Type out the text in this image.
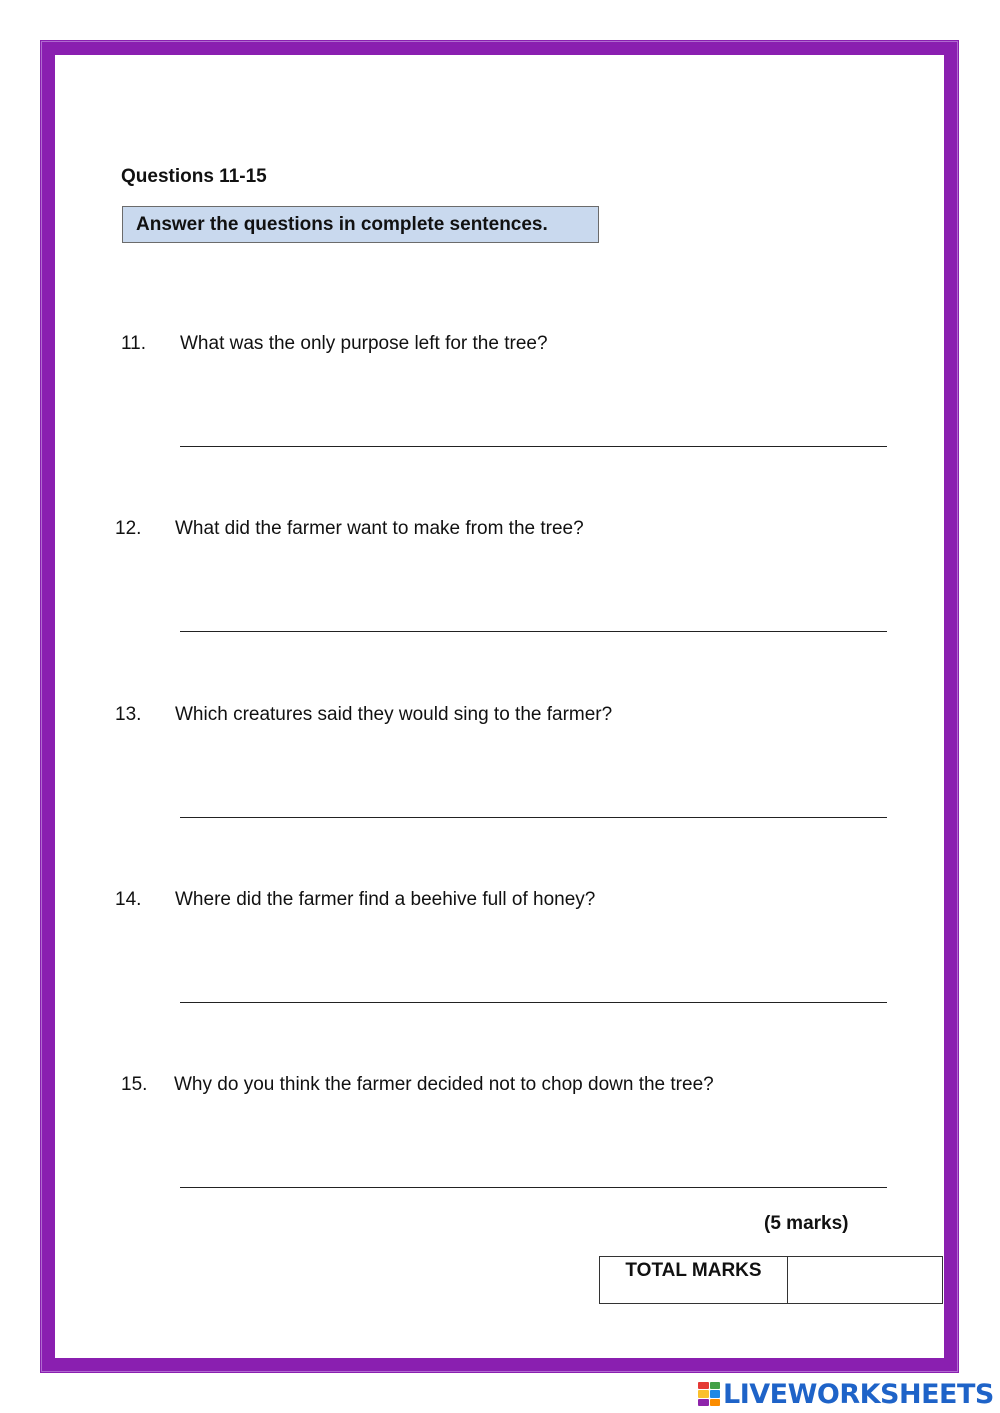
Questions 11-15
Answer the questions in complete sentences.
11. What was the only purpose left for the tree?
12. What did the farmer want to make from the tree?
13. Which creatures said they would sing to the farmer?
14. Where did the farmer find a beehive full of honey?
15. Why do you think the farmer decided not to chop down the tree?
(5 marks)
TOTAL MARKS

LIVEWORKSHEETS
